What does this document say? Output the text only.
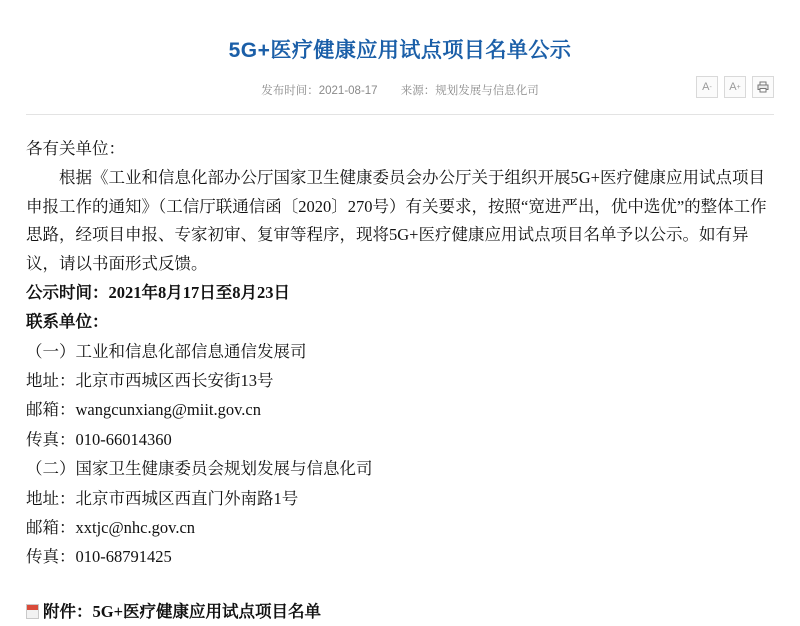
5G+医疗健康应用试点项目名单公示
发布时间：2021-08-17 来源：规划发展与信息化司	A - A +

各有关单位：

根据《工业和信息化部办公厅国家卫生健康委员会办公厅关于组织开展5G+医疗健康应用试点项目申报工作的通知》（工信厅联通信函〔2020〕270号）有关要求，按照“宽进严出，优中选优”的整体工作思路，经项目申报、专家初审、复审等程序，现将5G+医疗健康应用试点项目名单予以公示。如有异议，请以书面形式反馈。

公示时间：2021年8月17日至8月23日

联系单位：

（一）工业和信息化部信息通信发展司

地址：北京市西城区西长安街13号

邮箱：wangcunxiang@miit.gov.cn

传真：010-66014360

（二）国家卫生健康委员会规划发展与信息化司

地址：北京市西城区西直门外南路1号

邮箱：xxtjc@nhc.gov.cn

传真：010-68791425

附件：5G+医疗健康应用试点项目名单
